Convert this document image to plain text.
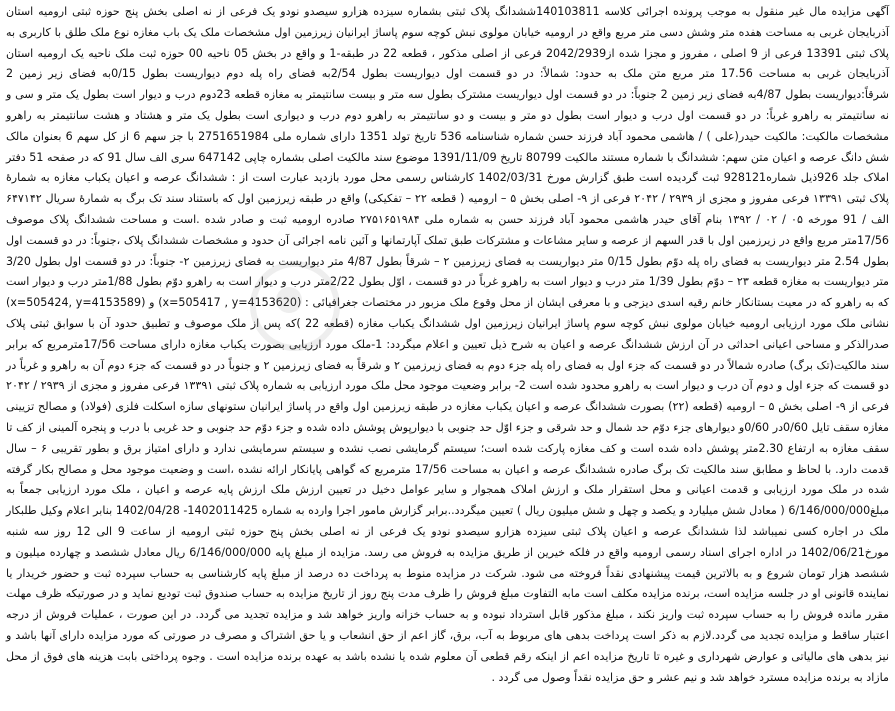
آگهی مزایده مال غیر منقول به موجب پرونده اجرائی کلاسه 140103811ششدانگ پلاک ثبتی بشماره سیزده هزارو سیصدو نودو یک فرعی از نه اصلی بخش پنج حوزه ثبتی ارومیه استان آذربایجان غربی به مساحت هفده متر وشش دسی متر مربع واقع در ارومیه خیابان مولوی نبش کوچه سوم پاساژ ایرانیان زیرزمین اول مشخصات ملک یک باب مغازه نوع ملک طلق با کاربری به پلاک ثبتی 13391 فرعی از 9 اصلی ، مفروز و مجزا شده از2042/2939 فرعی از اصلی مذکور ، قطعه 22 در طبقه-1 و واقع در بخش 05 ناحیه 00 حوزه ثبت ملک ناحیه یک ارومیه استان آذربایجان غربی به مساحت 17.56 متر مربع متن ملک به حدود: شمالاً: در دو قسمت اول دیواریست بطول 2/54به فضای راه پله دوم دیواریست بطول 0/15به فضای زیر زمین 2 شرقاً:دیواریست بطول 4/87به فضای زیر زمین 2 جنوباً: در دو قسمت اول دیواریست مشترک بطول سه متر و بیست سانتیمتر به مغازه قطعه 23دوم درب و دیوار است بطول یک متر و سی و نه سانتیمتر به راهرو غرباً: در دو قسمت اول درب و دیوار است بطول دو متر و بیست و دو سانتیمتر به راهرو دوم درب و دیواری است بطول یک متر و هشتاد و هشت سانتیمتر به راهرو مشخصات مالکیت: مالکیت حیدر(علی ) / هاشمی محمود آباد فرزند حسن شماره شناسنامه 536 تاریخ تولد 1351 دارای شماره ملی 2751651984 با جز سهم 6 از کل سهم 6 بعنوان مالک شش دانگ عرصه و اعیان متن سهم: ششدانگ با شماره مستند مالکیت 80799 تاریخ 1391/11/09 موضوع سند مالکیت اصلی بشماره چاپی 647142 سری الف سال 91 که در صفحه 51 دفتر املاک جلد 926ذیل شماره928121 ثبت گردیده است طبق گزارش مورخ 1402/03/31 کارشناس رسمی محل مورد بازدید عبارت است از : ششدانگ عرصه و اعیان یکباب مغازه به شمارهٔ پلاک ثبتی ۱۳۳۹۱ فرعی مفروز و مجزی از ۲۹۳۹ / ۲۰۴۲ فرعی از ۹- اصلی بخش ۵ – ارومیه ( قطعه ۲۲ – تفکیکی) واقع در طبقه زیرزمین اول که باستناد سند تک برگ به شمارهٔ سریال ۶۴۷۱۴۲ الف / 91 مورخه ۰۵ / ۰۲ / ۱۳۹۲ بنام آقای حیدر هاشمی محمود آباد فرزند حسن به شماره ملی ۲۷۵۱۶۵۱۹۸۴ صادره ارومیه ثبت و صادر شده .است و مساحت ششدانگ پلاک موصوف 17/56متر مربع واقع در زیرزمین اول با قدر السهم از عرصه و سایر مشاعات و مشترکات طبق تملک آپارتمانها و آئین نامه اجرائی آن حدود و مشخصات ششدانگ پلاک ،جنوباً: در دو قسمت اول بطول 2.54 متر دیواریست به فضای راه پله دوّم بطول 0/15 متر دیواریست به فضای زیرزمین ۲ – شرقاً بطول 4/87 متر دیواریست به فضای زیرزمین ۲- جنوباً: در دو قسمت اول بطول 3/20 متر دیواریست به مغازه قطعه ۲۳ – دوّم بطول 1/39 متر درب و دیوار است به راهرو غرباً در دو قسمت ، اوّل بطول 2/22متر درب و دیوار است به راهرو دوّم بطول 1/88متر درب و دیوار است که به راهرو که در معیت بستانکار خانم رقیه اسدی دیزجی و با معرفی ایشان از محل وقوع ملک مزبور در مختصات جغرافیائی : (x=505417 , y=4153620) و (x=505424, y=4153589) نشانی ملک مورد ارزیابی ارومیه خیابان مولوی نبش کوچه سوم پاساژ ایرانیان زیرزمین اول ششدانگ یکباب مغازه (قطعه 22 )که پس از ملک موصوف و تطبیق حدود آن با سوابق ثبتی پلاک صدرالذکر و مساحی اعیانی احداثی در آن ارزش ششدانگ عرصه و اعیان به شرح ذیل تعیین و اعلام میگردد: 1-ملک مورد ارزیابی بصورت یکباب مغازه دارای مساحت 17/56مترمربع که برابر سند مالکیت(تک برگ) صادره شمالاً در دو قسمت که جزء اول به فضای راه پله جزء دوم به فضای زیرزمین ۲ و شرقاً به فضای زیرزمین ۲ و جنوباً در دو قسمت که جزء دوم آن به راهرو و غرباً در دو قسمت که جزء اول و دوم آن درب و دیوار است به راهرو محدود شده است 2- برابر وضعیت موجود محل ملک مورد ارزیابی به شماره پلاک ثبتی ۱۳۳۹۱ فرعی مفروز و مجزی از ۲۹۳۹ / ۲۰۴۲ فرعی از ۹- اصلی بخش ۵ – ارومیه (قطعه (۲۲) بصورت ششدانگ عرصه و اعیان یکباب مغازه در طبقه زیرزمین اول واقع در پاساژ ایرانیان ستونهای سازه اسکلت فلزی (فولاد) و مصالح تزیینی مغازه سقف تایل 0/60در 0/60و دیوارهای جزء دوّم حد شمال و حد شرقی و جزء اوّل حد جنوبی با دیوارپوش پوشش داده شده و جزء دوّم حد جنوبی و حد غربی با درب و پنجره آلمینی از کف تا سقف مغازه به ارتفاع 2.30متر پوشش داده شده است و کف مغازه پارکت شده است؛ سیستم گرمایشی نصب نشده و سیستم سرمایشی ندارد و دارای امتیاز برق و بطور تقریبی ۶ – سال قدمت دارد. با لحاظ و مطابق سند مالکیت تک برگ صادره ششدانگ عرصه و اعیان به مساحت 17/56 مترمربع که گواهی پایانکار ارائه نشده ،است و وضعیت موجود محل و مصالح بکار گرفته شده در ملک مورد ارزیابی و قدمت اعیانی و محل استقرار ملک و ارزش املاک همجوار و سایر عوامل دخیل در تعیین ارزش ملک ارزش پایه عرصه و اعیان ، ملک مورد ارزیابی جمعاً به مبلغ6/146/000/000 ( معادل شش میلیارد و یکصد و چهل و شش میلیون ریال ) تعیین میگردد..برابر گزارش مامور اجرا وارده به شماره 1402011425- 1402/04/28 بنابر اعلام وکیل طلبکار ملک در اجاره کسی نمیباشد لذا ششدانگ عرصه و اعیان پلاک ثبتی سیزده هزارو سیصدو نودو یک فرعی از نه اصلی بخش پنج حوزه ثبتی ارومیه از ساعت 9 الی 12 روز سه شنبه مورخ1402/06/21 در اداره اجرای اسناد رسمی ارومیه واقع در فلکه خیرین از طریق مزایده به فروش می رسد. مزایده از مبلغ پایه 6/146/000/000 ریال معادل ششصد و چهارده میلیون و ششصد هزار تومان شروع و به بالاترین قیمت پیشنهادی نقداً فروخته می شود. شرکت در مزایده منوط به پرداخت ده درصد از مبلغ پایه کارشناسی به حساب سپرده ثبت و حضور خریدار یا نماینده قانونی او در جلسه مزایده است، برنده مزایده مکلف است مابه التفاوت مبلغ فروش را ظرف مدت پنج روز از تاریخ مزایده به حساب صندوق ثبت تودیع نماید و در صورتیکه ظرف مهلت مقرر مانده فروش را به حساب سپرده ثبت واریز نکند ، مبلغ مذکور قابل استرداد نبوده و به حساب خزانه واریز خواهد شد و مزایده تجدید می گردد. در این صورت ، عملیات فروش از درجه اعتبار ساقط و مزایده تجدید می گردد.لازم به ذکر است پرداخت بدهی های مربوط به آب، برق، گاز اعم از حق انشعاب و یا حق اشتراک و مصرف در صورتی که مورد مزایده دارای آنها باشد و نیز بدهی های مالیاتی و عوارض شهرداری و غیره تا تاریخ مزایده اعم از اینکه رقم قطعی آن معلوم شده یا نشده باشد به عهده برنده مزایده است . وجوه پرداختی بابت هزینه های فوق از محل مازاد به برنده مزایده مسترد خواهد شد و نیم عشر و حق مزایده نقداً وصول می گردد .
